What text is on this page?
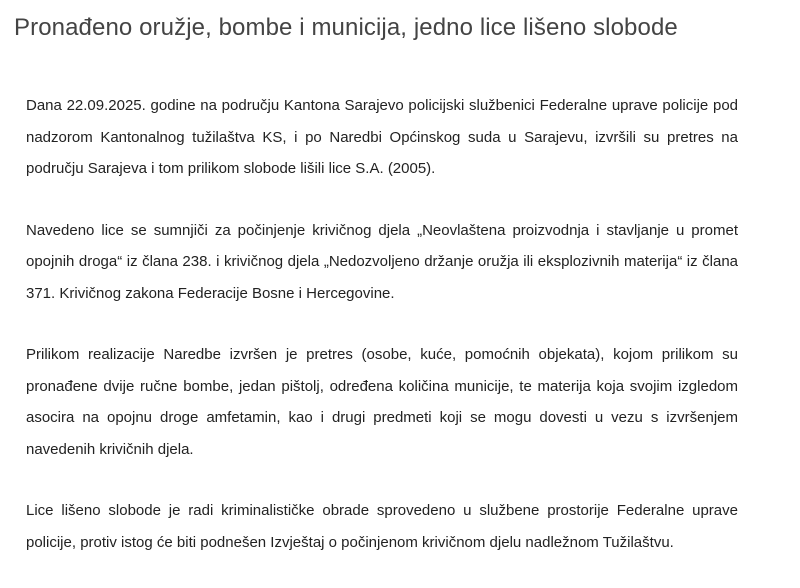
Pronađeno oružje, bombe i municija, jedno lice lišeno slobode

Dana 22.09.2025. godine na području Kantona Sarajevo policijski službenici Federalne uprave policije pod nadzorom Kantonalnog tužilaštva KS, i po Naredbi Općinskog suda u Sarajevu, izvršili su pretres na području Sarajeva i tom prilikom slobode lišili lice S.A. (2005).

Navedeno lice se sumnjiči za počinjenje krivičnog djela „Neovlaštena proizvodnja i stavljanje u promet opojnih droga“ iz člana 238. i krivičnog djela „Nedozvoljeno držanje oružja ili eksplozivnih materija“ iz člana 371. Krivičnog zakona Federacije Bosne i Hercegovine.

Prilikom realizacije Naredbe izvršen je pretres (osobe, kuće, pomoćnih objekata), kojom prilikom su pronađene dvije ručne bombe, jedan pištolj, određena količina municije, te materija koja svojim izgledom asocira na opojnu droge amfetamin, kao i drugi predmeti koji se mogu dovesti u vezu s izvršenjem navedenih krivičnih djela.

Lice lišeno slobode je radi kriminalističke obrade sprovedeno u službene prostorije Federalne uprave policije, protiv istog će biti podnešen Izvještaj o počinjenom krivičnom djelu nadležnom Tužilaštvu.
